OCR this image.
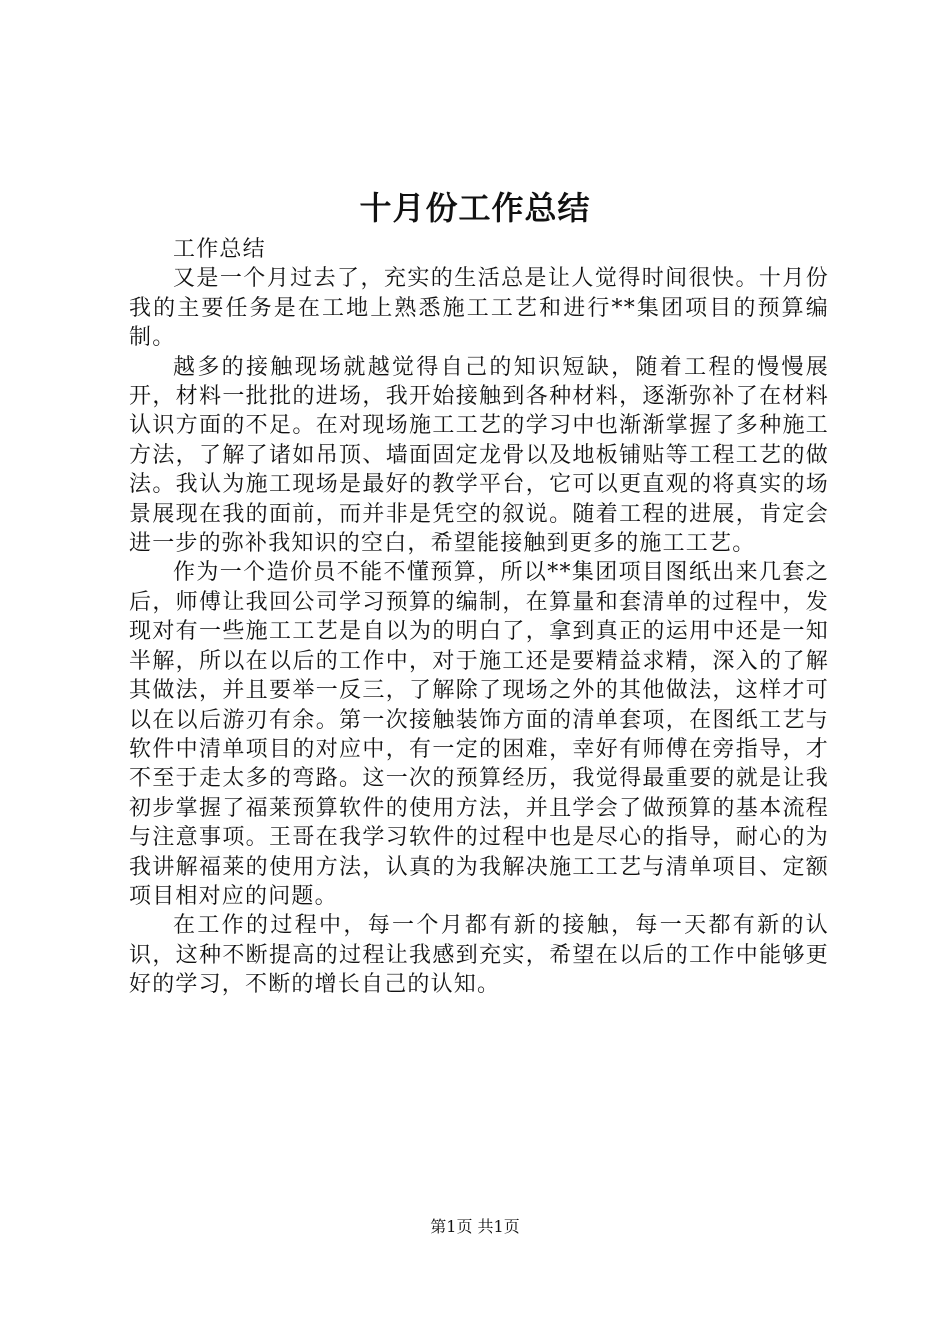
十月份工作总结

工作总结

又是一个月过去了，充实的生活总是让人觉得时间很快。十月份我的主要任务是在工地上熟悉施工工艺和进行**集团项目的预算编制。

越多的接触现场就越觉得自己的知识短缺，随着工程的慢慢展开，材料一批批的进场，我开始接触到各种材料，逐渐弥补了在材料认识方面的不足。在对现场施工工艺的学习中也渐渐掌握了多种施工方法，了解了诸如吊顶、墙面固定龙骨以及地板铺贴等工程工艺的做法。我认为施工现场是最好的教学平台，它可以更直观的将真实的场景展现在我的面前，而并非是凭空的叙说。随着工程的进展，肯定会进一步的弥补我知识的空白，希望能接触到更多的施工工艺。

作为一个造价员不能不懂预算，所以**集团项目图纸出来几套之后，师傅让我回公司学习预算的编制，在算量和套清单的过程中，发现对有一些施工工艺是自以为的明白了，拿到真正的运用中还是一知半解，所以在以后的工作中，对于施工还是要精益求精，深入的了解其做法，并且要举一反三，了解除了现场之外的其他做法，这样才可以在以后游刃有余。第一次接触装饰方面的清单套项，在图纸工艺与软件中清单项目的对应中，有一定的困难，幸好有师傅在旁指导，才不至于走太多的弯路。这一次的预算经历，我觉得最重要的就是让我初步掌握了福莱预算软件的使用方法，并且学会了做预算的基本流程与注意事项。王哥在我学习软件的过程中也是尽心的指导，耐心的为我讲解福莱的使用方法，认真的为我解决施工工艺与清单项目、定额项目相对应的问题。

在工作的过程中，每一个月都有新的接触，每一天都有新的认识，这种不断提高的过程让我感到充实，希望在以后的工作中能够更好的学习，不断的增长自己的认知。

第1页 共1页
